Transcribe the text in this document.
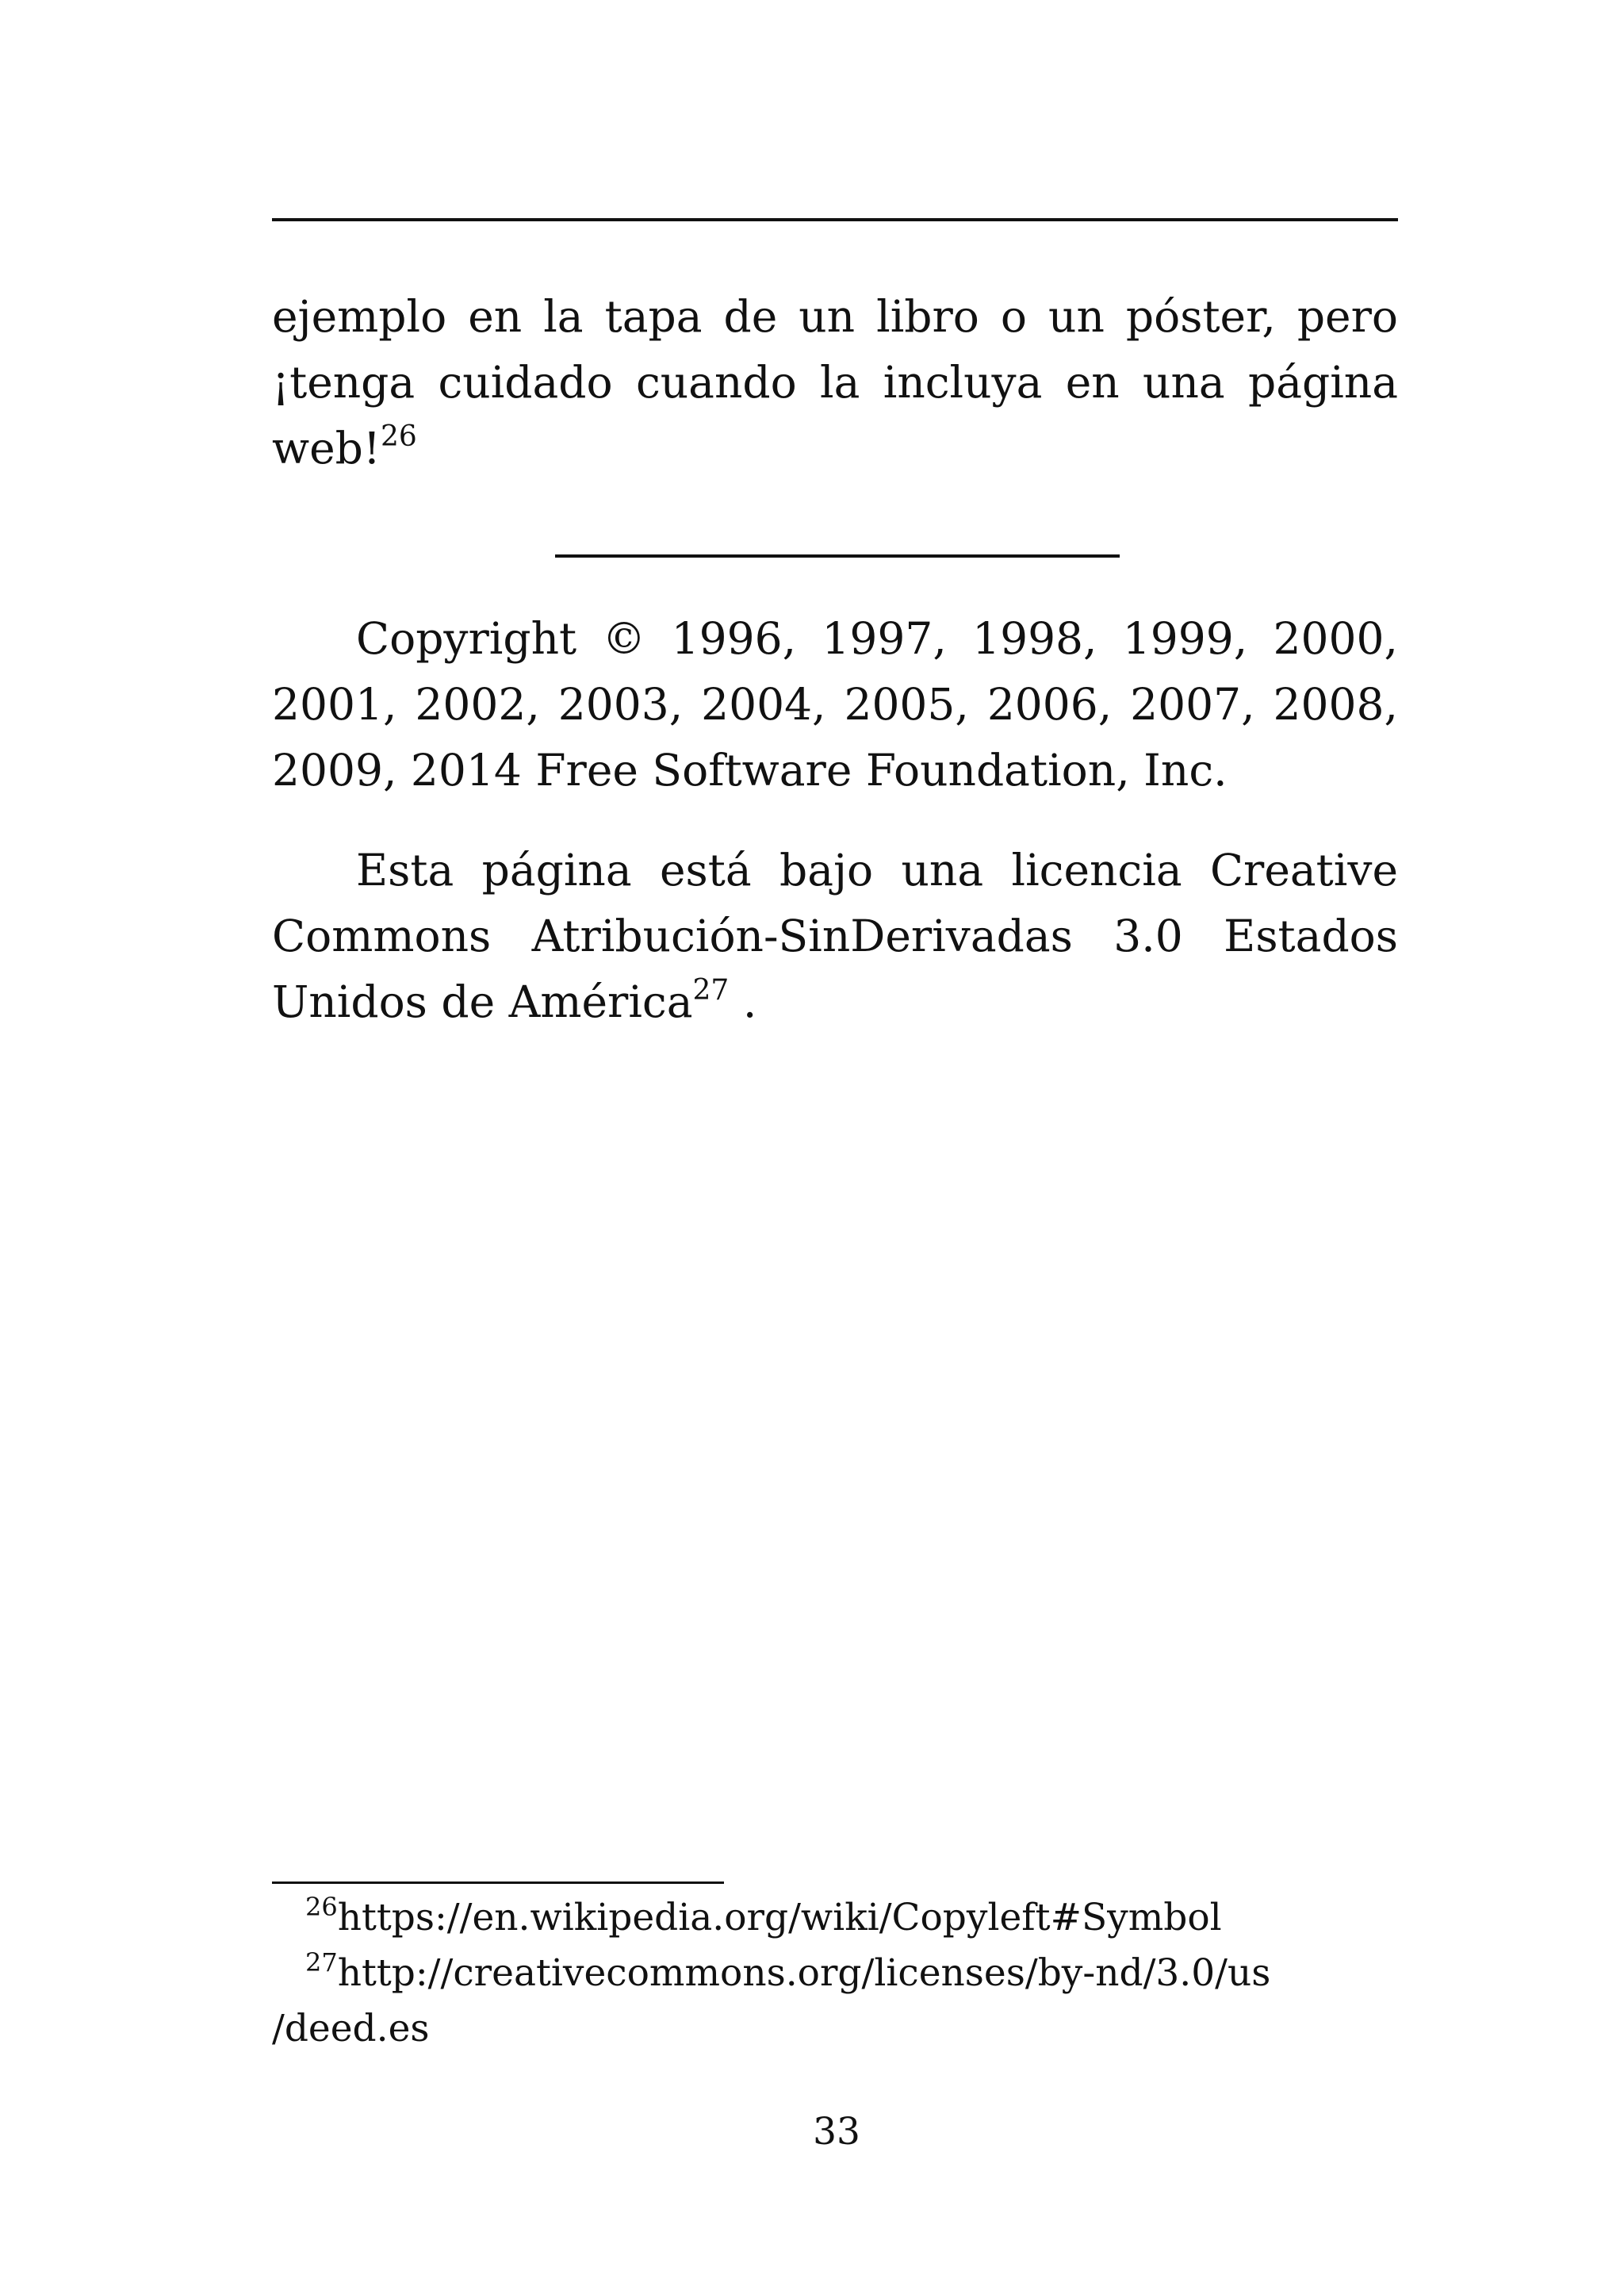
ejemplo en la tapa de un libro o un póster, pero ¡tenga cuidado cuando la incluya en una página web!$^{26}$

Copyright © 1996, 1997, 1998, 1999, 2000, 2001, 2002, 2003, 2004, 2005, 2006, 2007, 2008, 2009, 2014 Free Software Foundation, Inc.

Esta página está bajo una licencia Creative Commons Atribución-SinDerivadas 3.0 Estados Unidos de América$^{27}$ .

$^{26}$https://en.wikipedia.org/wiki/Copyleft#Symbol

$^{27}$http://creativecommons.org/licenses/by-nd/3.0/us

/deed.es

33
